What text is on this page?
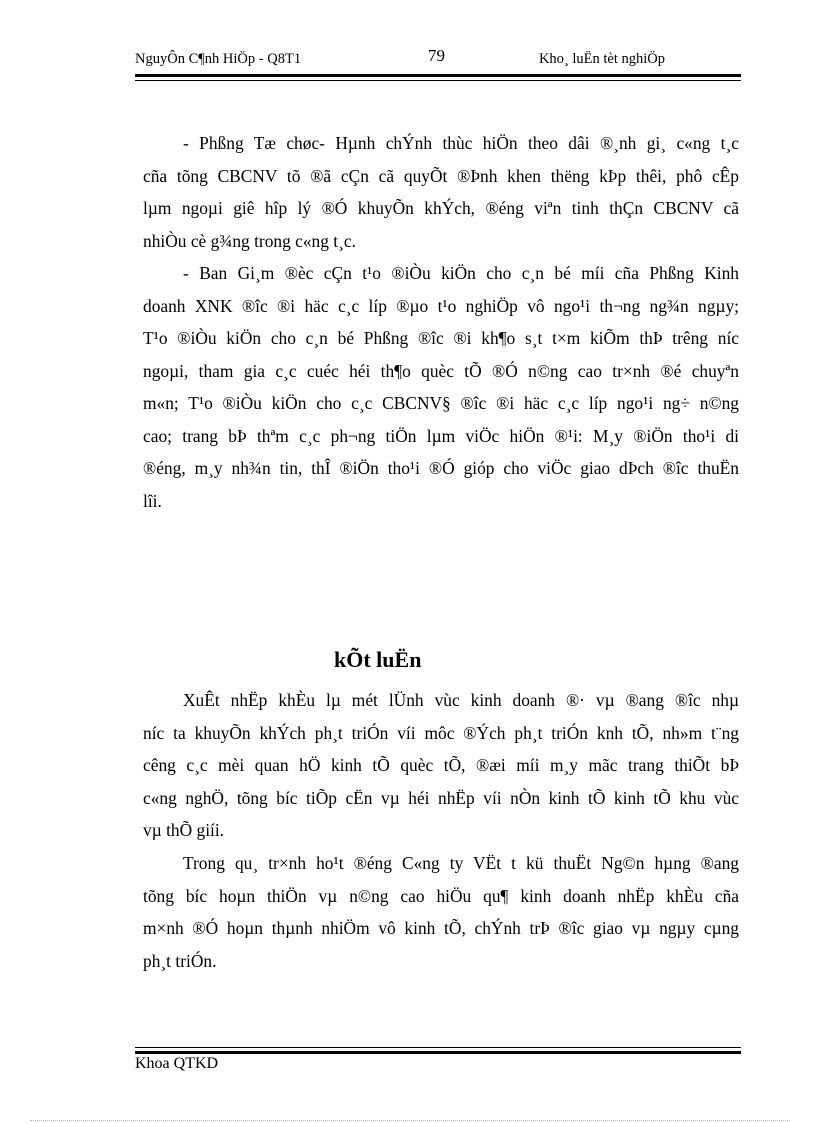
NguyÔn C¶nh HiÖp - Q8T1	79	Kho¸ luËn tèt nghiÖp
- Phßng Tæ chøc- Hµnh chÝnh thùc hiÖn theo dâi ®¸nh gi¸ c«ng t¸c
cña tõng CBCNV tõ ®ã cÇn cã quyÕt ®Þnh khen thëng kÞp thêi, phô cÊp
lµm ngoµi giê hîp lý ®Ó khuyÕn khÝch, ®éng viªn tinh thÇn CBCNV cã
nhiÒu cè g¾ng trong c«ng t¸c.
- Ban Gi¸m ®èc cÇn t¹o ®iÒu kiÖn cho c¸n bé míi cña Phßng Kinh
doanh XNK ®îc ®i häc c¸c líp ®µo t¹o nghiÖp vô ngo¹i th¬ng ng¾n ngµy;
T¹o ®iÒu kiÖn cho c¸n bé Phßng ®îc ®i kh¶o s¸t t×m kiÕm thÞ trêng níc
ngoµi, tham gia c¸c cuéc héi th¶o quèc tÕ ®Ó n©ng cao tr×nh ®é chuyªn
m«n; T¹o ®iÒu kiÖn cho c¸c CBCNV§ ®îc ®i häc c¸c líp ngo¹i ng÷ n©ng
cao; trang bÞ thªm c¸c ph¬ng tiÖn lµm viÖc hiÖn ®¹i: M¸y ®iÖn tho¹i di
®éng, m¸y nh¾n tin, thÎ ®iÖn tho¹i ®Ó gióp cho viÖc giao dÞch ®îc thuËn
lîi.
kÕt luËn
XuÊt nhËp khÈu lµ mét lÜnh vùc kinh doanh ®· vµ ®ang ®îc nhµ
níc ta khuyÕn khÝch ph¸t triÓn víi môc ®Ých ph¸t triÓn knh tÕ, nh»m t¨ng
cêng c¸c mèi quan hÖ kinh tÕ quèc tÕ, ®æi míi m¸y mãc trang thiÕt bÞ
c«ng nghÖ, tõng bíc tiÕp cËn vµ héi nhËp víi nÒn kinh tÕ kinh tÕ khu vùc
vµ thÕ giíi.
Trong qu¸ tr×nh ho¹t ®éng C«ng ty VËt t kü thuËt Ng©n hµng ®ang
tõng bíc hoµn thiÖn vµ n©ng cao hiÖu qu¶ kinh doanh nhËp khÈu cña
m×nh ®Ó hoµn thµnh nhiÖm vô kinh tÕ, chÝnh trÞ ®îc giao vµ ngµy cµng
ph¸t triÓn.
Khoa QTKD
